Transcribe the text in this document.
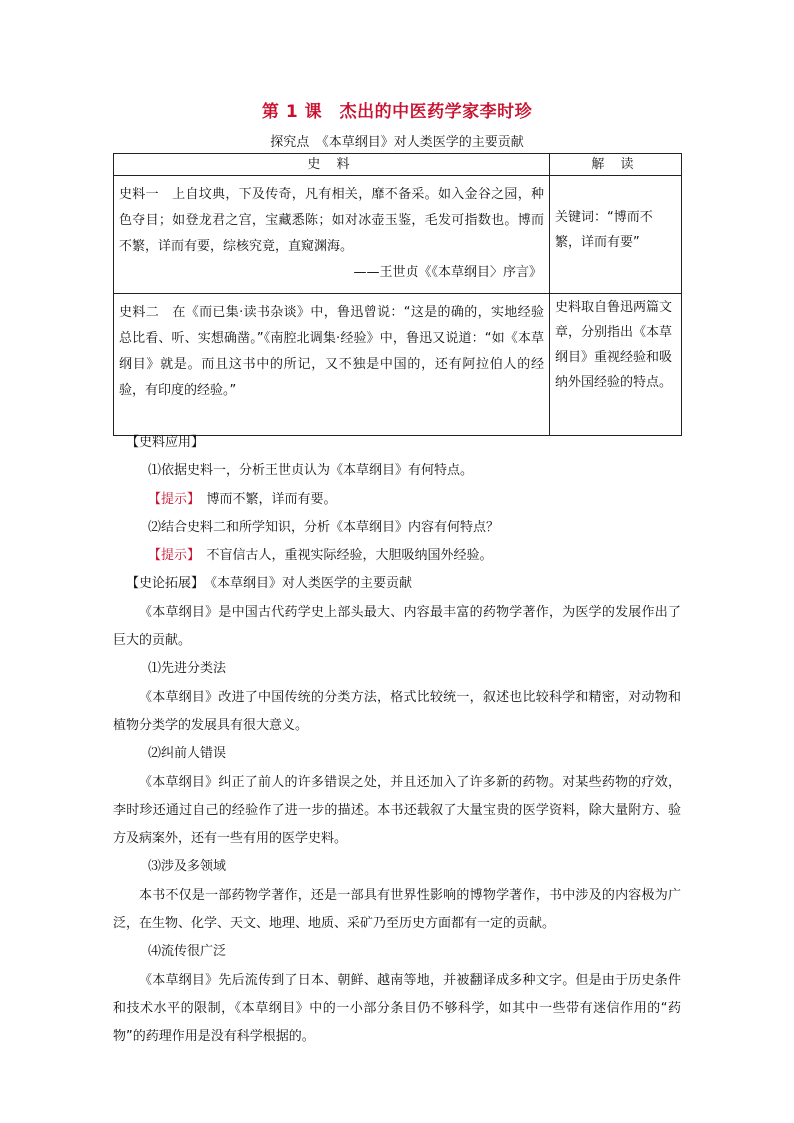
第 1 课　杰出的中医药学家李时珍
探究点　《本草纲目》对人类医学的主要贡献
史 料	解 读

史料一　上自坟典，下及传奇，凡有相关，靡不备采。如入金谷之园，种色夺目；如登龙君之宫，宝藏悉陈；如对冰壶玉鉴，毛发可指数也。博而不繁，详而有要，综核究竟，直窥渊海。
——王世贞《《本草纲目〉序言》	关键词：“博而不繁，详而有要”

史料二　在《而已集·读书杂谈》中，鲁迅曾说：“这是的确的，实地经验总比看、听、实想确凿。”《南腔北调集·经验》中，鲁迅又说道：“如《本草纲目》就是。而且这书中的所记，又不独是中国的，还有阿拉伯人的经验，有印度的经验。”	史料取自鲁迅两篇文章，分别指出《本草纲目》重视经验和吸纳外国经验的特点。

【史料应用】

⑴依据史料一，分析王世贞认为《本草纲目》有何特点。

【提示】　博而不繁，详而有要。

⑵结合史料二和所学知识，分析《本草纲目》内容有何特点？

【提示】　不盲信古人，重视实际经验，大胆吸纳国外经验。

【史论拓展】　《本草纲目》对人类医学的主要贡献

《本草纲目》是中国古代药学史上部头最大、内容最丰富的药物学著作，为医学的发展作出了巨大的贡献。

⑴先进分类法

《本草纲目》改进了中国传统的分类方法，格式比较统一，叙述也比较科学和精密，对动物和植物分类学的发展具有很大意义。

⑵纠前人错误

《本草纲目》纠正了前人的许多错误之处，并且还加入了许多新的药物。对某些药物的疗效，李时珍还通过自己的经验作了进一步的描述。本书还载叙了大量宝贵的医学资料，除大量附方、验方及病案外，还有一些有用的医学史料。

⑶涉及多领域

本书不仅是一部药物学著作，还是一部具有世界性影响的博物学著作，书中涉及的内容极为广泛，在生物、化学、天文、地理、地质、采矿乃至历史方面都有一定的贡献。

⑷流传很广泛

《本草纲目》先后流传到了日本、朝鲜、越南等地，并被翻译成多种文字。但是由于历史条件和技术水平的限制，《本草纲目》中的一小部分条目仍不够科学，如其中一些带有迷信作用的“药物”的药理作用是没有科学根据的。
